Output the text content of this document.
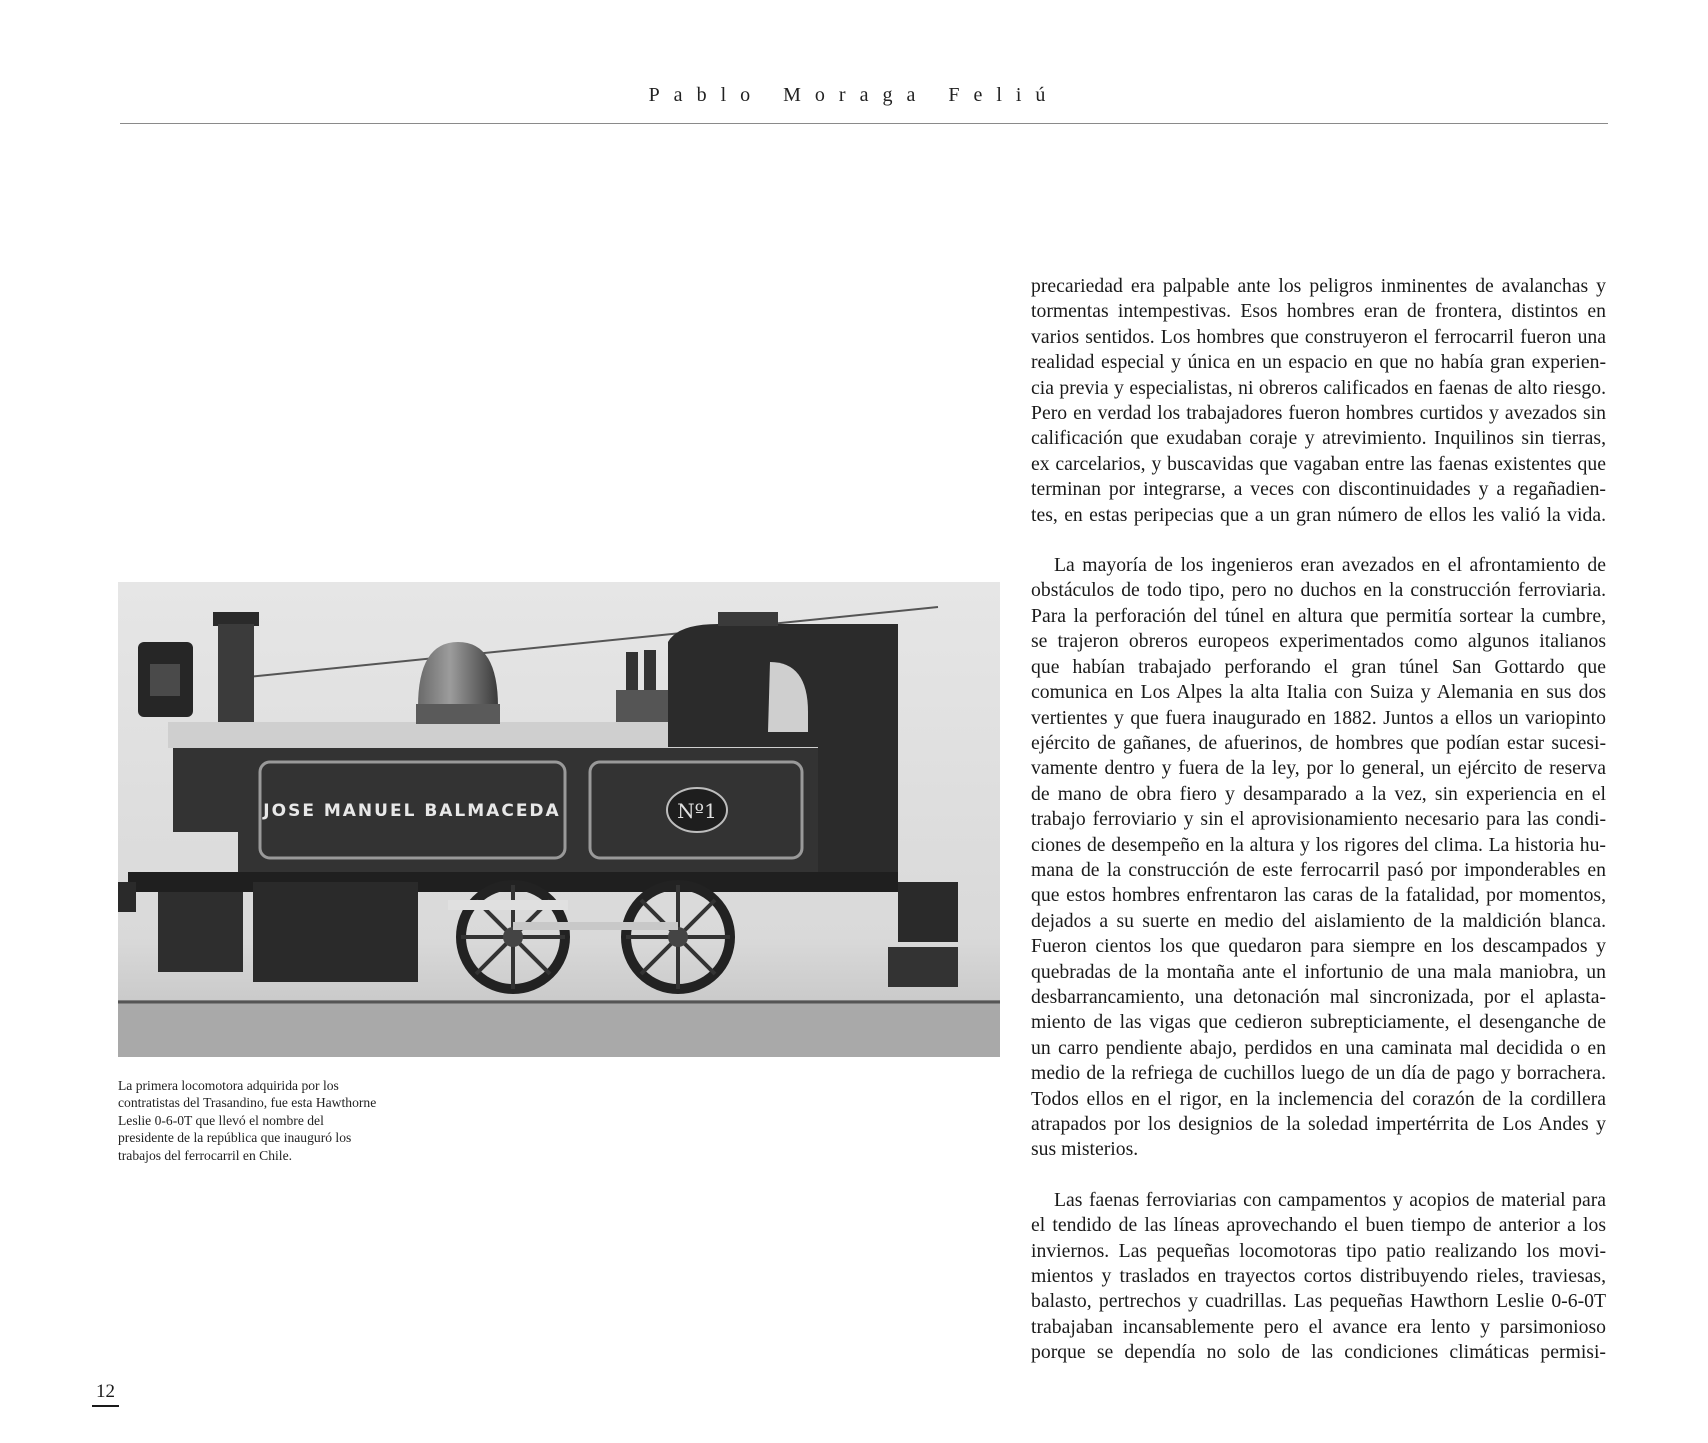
Pablo Moraga Feliú
JOSE MANUEL BALMACEDA	Nº1
La primera locomotora adquirida por los
contratistas del Trasandino, fue esta Hawthorne
Leslie 0-6-0T que llevó el nombre del
presidente de la república que inauguró los
trabajos del ferrocarril en Chile.
precariedad era palpable ante los peligros inminentes de avalanchas y
tormentas intempestivas. Esos hombres eran de frontera, distintos en
varios sentidos. Los hombres que construyeron el ferrocarril fueron una
realidad especial y única en un espacio en que no había gran experien-
cia previa y especialistas, ni obreros calificados en faenas de alto riesgo.
Pero en verdad los trabajadores fueron hombres curtidos y avezados sin
calificación que exudaban coraje y atrevimiento. Inquilinos sin tierras,
ex carcelarios, y buscavidas que vagaban entre las faenas existentes que
terminan por integrarse, a veces con discontinuidades y a regañadien-
tes, en estas peripecias que a un gran número de ellos les valió la vida.
La mayoría de los ingenieros eran avezados en el afrontamiento de
obstáculos de todo tipo, pero no duchos en la construcción ferroviaria.
Para la perforación del túnel en altura que permitía sortear la cumbre,
se trajeron obreros europeos experimentados como algunos italianos
que habían trabajado perforando el gran túnel San Gottardo que
comunica en Los Alpes la alta Italia con Suiza y Alemania en sus dos
vertientes y que fuera inaugurado en 1882. Juntos a ellos un variopinto
ejército de gañanes, de afuerinos, de hombres que podían estar sucesi-
vamente dentro y fuera de la ley, por lo general, un ejército de reserva
de mano de obra fiero y desamparado a la vez, sin experiencia en el
trabajo ferroviario y sin el aprovisionamiento necesario para las condi-
ciones de desempeño en la altura y los rigores del clima. La historia hu-
mana de la construcción de este ferrocarril pasó por imponderables en
que estos hombres enfrentaron las caras de la fatalidad, por momentos,
dejados a su suerte en medio del aislamiento de la maldición blanca.
Fueron cientos los que quedaron para siempre en los descampados y
quebradas de la montaña ante el infortunio de una mala maniobra, un
desbarrancamiento, una detonación mal sincronizada, por el aplasta-
miento de las vigas que cedieron subrepticiamente, el desenganche de
un carro pendiente abajo, perdidos en una caminata mal decidida o en
medio de la refriega de cuchillos luego de un día de pago y borrachera.
Todos ellos en el rigor, en la inclemencia del corazón de la cordillera
atrapados por los designios de la soledad impertérrita de Los Andes y
sus misterios.
Las faenas ferroviarias con campamentos y acopios de material para
el tendido de las líneas aprovechando el buen tiempo de anterior a los
inviernos. Las pequeñas locomotoras tipo patio realizando los movi-
mientos y traslados en trayectos cortos distribuyendo rieles, traviesas,
balasto, pertrechos y cuadrillas. Las pequeñas Hawthorn Leslie 0-6-0T
trabajaban incansablemente pero el avance era lento y parsimonioso
porque se dependía no solo de las condiciones climáticas permisi-
12
